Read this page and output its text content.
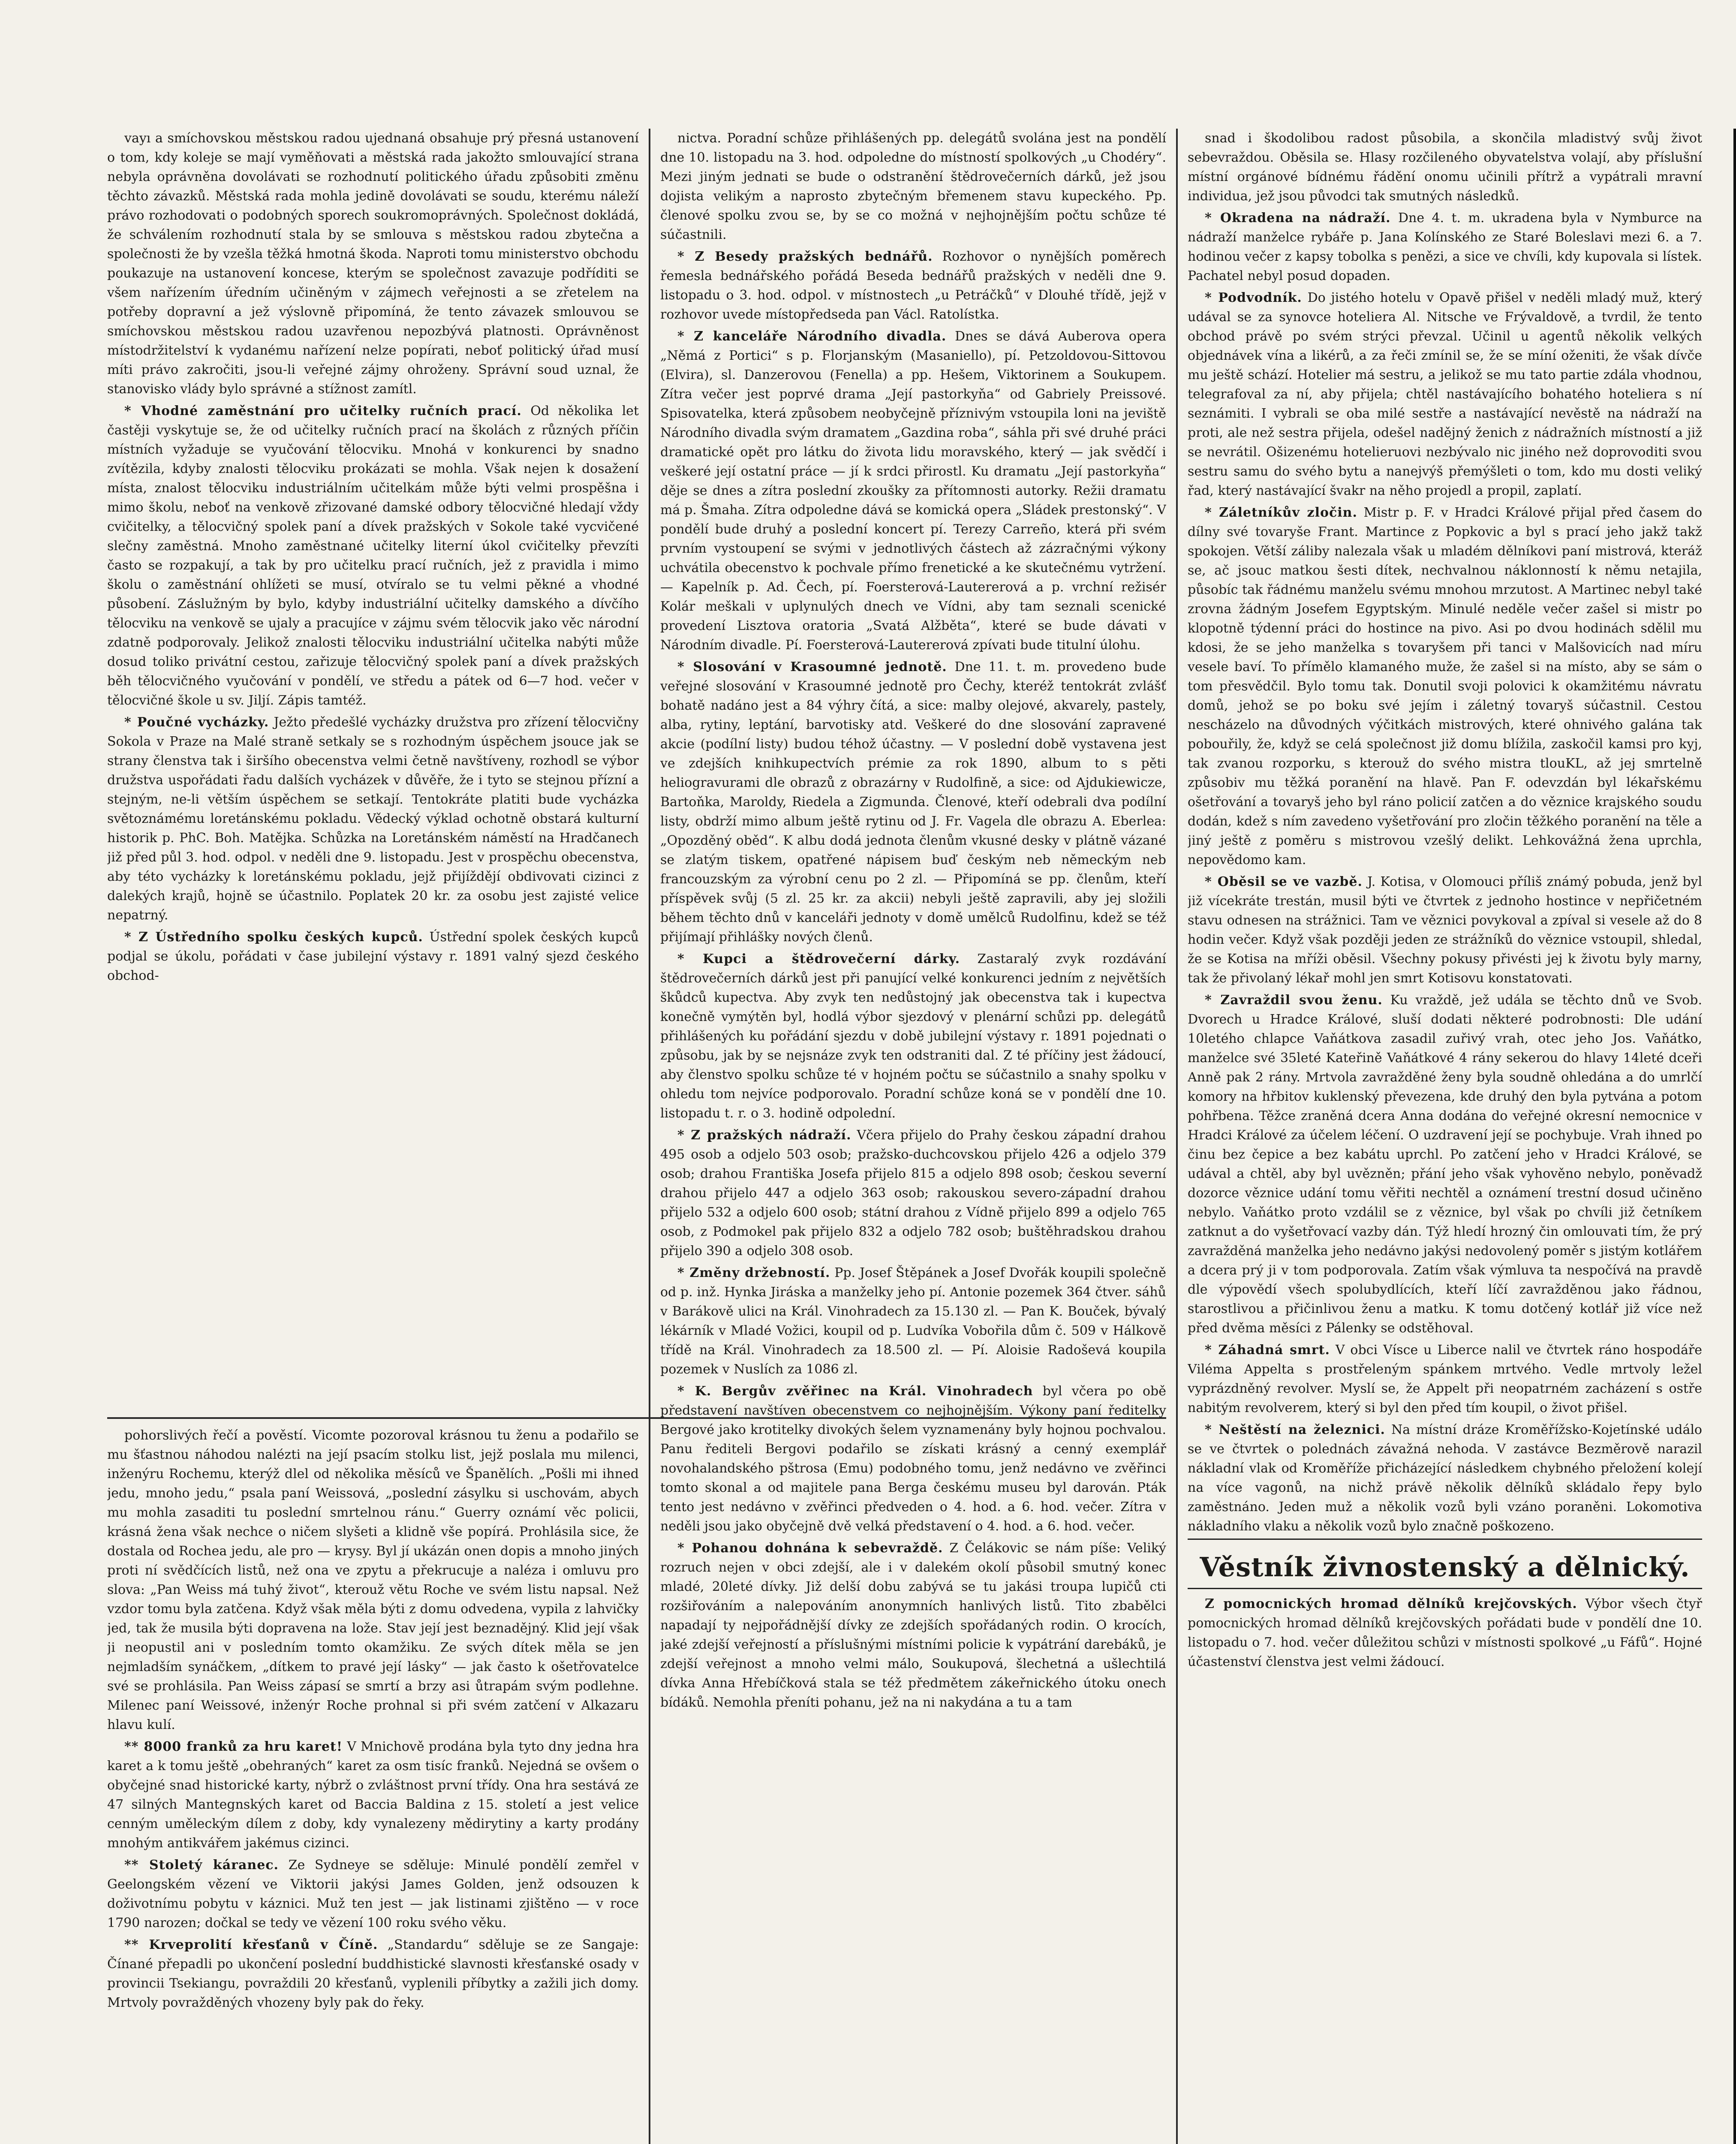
vayı a smíchovskou městskou radou ujednaná obsahuje prý přesná ustanovení o tom, kdy koleje se mají vyměňovati a městská rada jakožto smlouvající strana nebyla oprávněna dovolávati se rozhodnutí politického úřadu způsobiti změnu těchto závazků. Městská rada mohla jedině dovolávati se soudu, kterému náleží právo rozhodovati o podobných sporech soukromoprávných. Společnost dokládá, že schválením rozhodnutí stala by se smlouva s městskou radou zbytečna a společnosti že by vzešla těžká hmotná škoda. Naproti tomu ministerstvo obchodu poukazuje na ustanovení koncese, kterým se společnost zavazuje podříditi se všem nařízením úředním učiněným v zájmech veřejnosti a se zřetelem na potřeby dopravní a jež výslovně připomíná, že tento závazek smlouvou se smíchovskou městskou radou uzavřenou nepozbývá platnosti. Oprávněnost místodržitelství k vydanému nařízení nelze popírati, neboť politický úřad musí míti právo zakročiti, jsou-li veřejné zájmy ohroženy. Správní soud uznal, že stanovisko vlády bylo správné a stížnost zamítl.

* Vhodné zaměstnání pro učitelky ručních prací. Od několika let častěji vyskytuje se, že od učitelky ručních prací na školách z různých příčin místních vyžaduje se vyučování tělocviku. Mnohá v konkurenci by snadno zvítězila, kdyby znalosti tělocviku prokázati se mohla. Však nejen k dosažení místa, znalost tělocviku industriálním učitelkám může býti velmi prospěšna i mimo školu, neboť na venkově zřizované damské odbory tělocvičné hledají vždy cvičitelky, a tělocvičný spolek paní a dívek pražských v Sokole také vycvičené slečny zaměstná. Mnoho zaměstnané učitelky literní úkol cvičitelky převzíti často se rozpakují, a tak by pro učitelku prací ručních, jež z pravidla i mimo školu o zaměstnání ohlížeti se musí, otvíralo se tu velmi pěkné a vhodné působení. Záslužným by bylo, kdyby industriální učitelky damského a dívčího tělocviku na venkově se ujaly a pracujíce v zájmu svém tělocvik jako věc národní zdatně podporovaly. Jelikož znalosti tělocviku industriální učitelka nabýti může dosud toliko privátní cestou, zařizuje tělocvičný spolek paní a dívek pražských běh tělocvičného vyučování v pondělí, ve středu a pátek od 6—7 hod. večer v tělocvičné škole u sv. Jiljí. Zápis tamtéž.

* Poučné vycházky. Ježto předešlé vycházky družstva pro zřízení tělocvičny Sokola v Praze na Malé straně setkaly se s rozhodným úspěchem jsouce jak se strany členstva tak i širšího obecenstva velmi četně navštíveny, rozhodl se výbor družstva uspořádati řadu dalších vycházek v důvěře, že i tyto se stejnou přízní a stejným, ne-li větším úspěchem se setkají. Tentokráte platiti bude vycházka světoznámému loretánskému pokladu. Vědecký výklad ochotně obstará kulturní historik p. PhC. Boh. Matějka. Schůzka na Loretánském náměstí na Hradčanech již před půl 3. hod. odpol. v neděli dne 9. listopadu. Jest v prospěchu obecenstva, aby této vycházky k loretánskému pokladu, jejž přijíždějí obdivovati cizinci z dalekých krajů, hojně se účastnilo. Poplatek 20 kr. za osobu jest zajisté velice nepatrný.

* Z Ústředního spolku českých kupců. Ústřední spolek českých kupců podjal se úkolu, pořádati v čase jubilejní výstavy r. 1891 valný sjezd českého obchod-

pohorslivých řečí a pověstí. Vicomte pozoroval krásnou tu ženu a podařilo se mu šťastnou náhodou nalézti na její psacím stolku list, jejž poslala mu milenci, inženýru Rochemu, kterýž dlel od několika měsíců ve Španělích. „Pošli mi ihned jedu, mnoho jedu,“ psala paní Weissová, „poslední zásylku si uschovám, abych mu mohla zasaditi tu poslední smrtelnou ránu.“ Guerry oznámí věc policii, krásná žena však nechce o ničem slyšeti a klidně vše popírá. Prohlásila sice, že dostala od Rochea jedu, ale pro — krysy. Byl jí ukázán onen dopis a mnoho jiných proti ní svědčících listů, než ona ve zpytu a překrucuje a naléza i omluvu pro slova: „Pan Weiss má tuhý život“, kterouž větu Roche ve svém listu napsal. Než vzdor tomu byla zatčena. Když však měla býti z domu odvedena, vypila z lahvičky jed, tak že musila býti dopravena na lože. Stav její jest beznadějný. Klid její však ji neopustil ani v posledním tomto okamžiku. Ze svých dítek měla se jen nejmladším synáčkem, „dítkem to pravé její lásky“ — jak často k ošetřovatelce své se prohlásila. Pan Weiss zápasí se smrtí a brzy asi ůtrapám svým podlehne. Milenec paní Weissové, inženýr Roche prohnal si při svém zatčení v Alkazaru hlavu kulí.

** 8000 franků za hru karet! V Mnichově prodána byla tyto dny jedna hra karet a k tomu ještě „obehraných“ karet za osm tisíc franků. Nejedná se ovšem o obyčejné snad historické karty, nýbrž o zvláštnost první třídy. Ona hra sestává ze 47 silných Mantegnských karet od Baccia Baldina z 15. století a jest velice cenným uměleckým dílem z doby, kdy vynalezeny mědirytiny a karty prodány mnohým antikvářem jakémus cizinci.

** Stoletý káranec. Ze Sydneye se sděluje: Minulé pondělí zemřel v Geelongském vězení ve Viktorii jakýsi James Golden, jenž odsouzen k doživotnímu pobytu v káznici. Muž ten jest — jak listinami zjištěno — v roce 1790 narozen; dočkal se tedy ve vězení 100 roku svého věku.

** Krveprolití křesťanů v Číně. „Standardu“ sděluje se ze Sangaje: Čínané přepadli po ukončení poslední buddhistické slavnosti křesťanské osady v provincii Tsekiangu, povraždili 20 křesťanů, vyplenili příbytky a zažili jich domy. Mrtvoly povražděných vhozeny byly pak do řeky.

nictva. Poradní schůze přihlášených pp. delegátů svolána jest na pondělí dne 10. listopadu na 3. hod. odpoledne do místností spolkových „u Chodéry“. Mezi jiným jednati se bude o odstranění štědrovečerních dárků, jež jsou dojista velikým a naprosto zbytečným břemenem stavu kupeckého. Pp. členové spolku zvou se, by se co možná v nejhojnějším počtu schůze té súčastnili.

* Z Besedy pražských bednářů. Rozhovor o nynějších poměrech řemesla bednářského pořádá Beseda bednářů pražských v neděli dne 9. listopadu o 3. hod. odpol. v místnostech „u Petráčků“ v Dlouhé třídě, jejž v rozhovor uvede místopředseda pan Václ. Ratolístka.

* Z kanceláře Národního divadla. Dnes se dává Auberova opera „Němá z Portici“ s p. Florjanským (Masaniello), pí. Petzoldovou-Sittovou (Elvira), sl. Danzerovou (Fenella) a pp. Hešem, Viktorinem a Soukupem. Zítra večer jest poprvé drama „Její pastorkyňa“ od Gabriely Preissové. Spisovatelka, která způsobem neobyčejně příznivým vstoupila loni na jeviště Národního divadla svým dramatem „Gazdina roba“, sáhla při své druhé práci dramatické opět pro látku do života lidu moravského, který — jak svědčí i veškeré její ostatní práce — jí k srdci přirostl. Ku dramatu „Její pastorkyňa“ děje se dnes a zítra poslední zkoušky za přítomnosti autorky. Režii dramatu má p. Šmaha. Zítra odpoledne dává se komická opera „Sládek prestonský“. V pondělí bude druhý a poslední koncert pí. Terezy Carreño, která při svém prvním vystoupení se svými v jednotlivých částech až zázračnými výkony uchvátila obecenstvo k pochvale přímo frenetické a ke skutečnému vytržení. — Kapelník p. Ad. Čech, pí. Foersterová-Lautererová a p. vrchní režisér Kolár meškali v uplynulých dnech ve Vídni, aby tam seznali scenické provedení Lisztova oratoria „Svatá Alžběta“, které se bude dávati v Národním divadle. Pí. Foersterová-Lautererová zpívati bude titulní úlohu.

* Slosování v Krasoumné jednotě. Dne 11. t. m. provedeno bude veřejné slosování v Krasoumné jednotě pro Čechy, kteréž tentokrát zvlášť bohatě nadáno jest a 84 výhry čítá, a sice: malby olejové, akvarely, pastely, alba, rytiny, leptání, barvotisky atd. Veškeré do dne slosování zapravené akcie (podílní listy) budou téhož účastny. — V poslední době vystavena jest ve zdejších knihkupectvích prémie za rok 1890, album to s pěti heliogravurami dle obrazů z obrazárny v Rudolfině, a sice: od Ajdukiewicze, Bartoňka, Maroldy, Riedela a Zigmunda. Členové, kteří odebrali dva podílní listy, obdrží mimo album ještě rytinu od J. Fr. Vagela dle obrazu A. Eberlea: „Opozděný oběd“. K albu dodá jednota členům vkusné desky v plátně vázané se zlatým tiskem, opatřené nápisem buď českým neb německým neb francouzským za výrobní cenu po 2 zl. — Připomíná se pp. členům, kteří příspěvek svůj (5 zl. 25 kr. za akcii) nebyli ještě zapravili, aby jej složili během těchto dnů v kanceláři jednoty v domě umělců Rudolfinu, kdež se též přijímají přihlášky nových členů.

* Kupci a štědrovečerní dárky. Zastaralý zvyk rozdávání štědrovečerních dárků jest při panující velké konkurenci jedním z největších škůdců kupectva. Aby zvyk ten nedůstojný jak obecenstva tak i kupectva konečně vymýtěn byl, hodlá výbor sjezdový v plenární schůzi pp. delegátů přihlášených ku pořádání sjezdu v době jubilejní výstavy r. 1891 pojednati o způsobu, jak by se nejsnáze zvyk ten odstraniti dal. Z té příčiny jest žádoucí, aby členstvo spolku schůze té v hojném počtu se súčastnilo a snahy spolku v ohledu tom nejvíce podporovalo. Poradní schůze koná se v pondělí dne 10. listopadu t. r. o 3. hodině odpolední.

* Z pražských nádraží. Včera přijelo do Prahy českou západní drahou 495 osob a odjelo 503 osob; pražsko-duchcovskou přijelo 426 a odjelo 379 osob; drahou Františka Josefa přijelo 815 a odjelo 898 osob; českou severní drahou přijelo 447 a odjelo 363 osob; rakouskou severo-západní drahou přijelo 532 a odjelo 600 osob; státní drahou z Vídně přijelo 899 a odjelo 765 osob, z Podmokel pak přijelo 832 a odjelo 782 osob; buštěhradskou drahou přijelo 390 a odjelo 308 osob.

* Změny držebností. Pp. Josef Štěpánek a Josef Dvořák koupili společně od p. inž. Hynka Jiráska a manželky jeho pí. Antonie pozemek 364 čtver. sáhů v Barákově ulici na Král. Vinohradech za 15.130 zl. — Pan K. Bouček, bývalý lékárník v Mladé Vožici, koupil od p. Ludvíka Vobořila dům č. 509 v Hálkově třídě na Král. Vinohradech za 18.500 zl. — Pí. Aloisie Radoševá koupila pozemek v Nuslích za 1086 zl.

* K. Bergův zvěřinec na Král. Vinohradech byl včera po obě představení navštíven obecenstvem co nejhojnějším. Výkony paní ředitelky Bergové jako krotitelky divokých šelem vyznamenány byly hojnou pochvalou. Panu řediteli Bergovi podařilo se získati krásný a cenný exemplář novohalandského pštrosa (Emu) podobného tomu, jenž nedávno ve zvěřinci tomto skonal a od majitele pana Berga českému museu byl darován. Pták tento jest nedávno v zvěřinci předveden o 4. hod. a 6. hod. večer. Zítra v neděli jsou jako obyčejně dvě velká představení o 4. hod. a 6. hod. večer.

* Pohanou dohnána k sebevraždě. Z Čelákovic se nám píše: Veliký rozruch nejen v obci zdejší, ale i v dalekém okolí působil smutný konec mladé, 20leté dívky. Již delší dobu zabývá se tu jakási troupa lupičů cti rozšiřováním a nalepováním anonymních hanlivých listů. Tito zbabělci napadají ty nejpořádnější dívky ze zdejších spořádaných rodin. O krocích, jaké zdejší veřejností a příslušnými místními policie k vypátrání darebáků, je zdejší veřejnost a mnoho velmi málo, Soukupová, šlechetná a ušlechtilá dívka Anna Hřebíčková stala se též předmětem zákeřnického útoku onech bídáků. Nemohla přeníti pohanu, jež na ni nakydána a tu a tam

snad i škodolibou radost působila, a skončila mladistvý svůj život sebevraždou. Oběsila se. Hlasy rozčileného obyvatelstva volají, aby příslušní místní orgánové bídnému řádění onomu učinili přítrž a vypátrali mravní individua, jež jsou původci tak smutných následků.

* Okradena na nádraží. Dne 4. t. m. ukradena byla v Nymburce na nádraží manželce rybáře p. Jana Kolínského ze Staré Boleslavi mezi 6. a 7. hodinou večer z kapsy tobolka s penězi, a sice ve chvíli, kdy kupovala si lístek. Pachatel nebyl posud dopaden.

* Podvodník. Do jistého hotelu v Opavě přišel v neděli mladý muž, který udával se za synovce hoteliera Al. Nitsche ve Frývaldově, a tvrdil, že tento obchod právě po svém strýci převzal. Učinil u agentů několik velkých objednávek vína a likérů, a za řeči zmínil se, že se míní oženiti, že však dívče mu ještě schází. Hotelier má sestru, a jelikož se mu tato partie zdála vhodnou, telegrafoval za ní, aby přijela; chtěl nastávajícího bohatého hoteliera s ní seznámiti. I vybrali se oba milé sestře a nastávající nevěstě na nádraží na proti, ale než sestra přijela, odešel nadějný ženich z nádražních místností a již se nevrátil. Ošizenému hotelieruovi nezbývalo nic jiného než doprovoditi svou sestru samu do svého bytu a nanejvýš přemýšleti o tom, kdo mu dosti veliký řad, který nastávající švakr na něho projedl a propil, zaplatí.

* Záletníkův zločin. Mistr p. F. v Hradci Králové přijal před časem do dílny své tovaryše Frant. Martince z Popkovic a byl s prací jeho jakž takž spokojen. Větší záliby nalezala však u mladém dělníkovi paní mistrová, kteráž se, ač jsouc matkou šesti dítek, nechvalnou náklonností k němu netajila, působíc tak řádnému manželu svému mnohou mrzutost. A Martinec nebyl také zrovna žádným Josefem Egyptským. Minulé neděle večer zašel si mistr po klopotně týdenní práci do hostince na pivo. Asi po dvou hodinách sdělil mu kdosi, že se jeho manželka s tovaryšem při tanci v Malšovicích nad míru vesele baví. To přímělo klamaného muže, že zašel si na místo, aby se sám o tom přesvědčil. Bylo tomu tak. Donutil svoji polovici k okamžitému návratu domů, jehož se po boku své jejím i záletný tovaryš súčastnil. Cestou nescházelo na důvodných výčitkách mistrových, které ohnivého galána tak pobouřily, že, když se celá společnost již domu blížila, zaskočil kamsi pro kyj, tak zvanou rozporku, s kterouž do svého mistra tlouKL, až jej smrtelně způsobiv mu těžká poranění na hlavě. Pan F. odevzdán byl lékařskému ošetřování a tovaryš jeho byl ráno policií zatčen a do věznice krajského soudu dodán, kdež s ním zavedeno vyšetřování pro zločin těžkého poranění na těle a jiný ještě z poměru s mistrovou vzešlý delikt. Lehkovážná žena uprchla, nepovědomo kam.

* Oběsil se ve vazbě. J. Kotisa, v Olomouci příliš známý pobuda, jenž byl již vícekráte trestán, musil býti ve čtvrtek z jednoho hostince v nepřičetném stavu odnesen na strážnici. Tam ve věznici povykoval a zpíval si vesele až do 8 hodin večer. Když však později jeden ze strážníků do věznice vstoupil, shledal, že se Kotisa na mříži oběsil. Všechny pokusy přivésti jej k životu byly marny, tak že přivolaný lékař mohl jen smrt Kotisovu konstatovati.

* Zavraždil svou ženu. Ku vraždě, jež udála se těchto dnů ve Svob. Dvorech u Hradce Králové, sluší dodati některé podrobnosti: Dle udání 10letého chlapce Vaňátkova zasadil zuřivý vrah, otec jeho Jos. Vaňátko, manželce své 35leté Kateřině Vaňátkové 4 rány sekerou do hlavy 14leté dceři Anně pak 2 rány. Mrtvola zavražděné ženy byla soudně ohledána a do umrlčí komory na hřbitov kuklenský převezena, kde druhý den byla pytvána a potom pohřbena. Těžce zraněná dcera Anna dodána do veřejné okresní nemocnice v Hradci Králové za účelem léčení. O uzdravení její se pochybuje. Vrah ihned po činu bez čepice a bez kabátu uprchl. Po zatčení jeho v Hradci Králové, se udával a chtěl, aby byl uvězněn; přání jeho však vyhověno nebylo, poněvadž dozorce věznice udání tomu věřiti nechtěl a oznámení trestní dosud učiněno nebylo. Vaňátko proto vzdálil se z věznice, byl však po chvíli již četníkem zatknut a do vyšetřovací vazby dán. Týž hledí hrozný čin omlouvati tím, že prý zavražděná manželka jeho nedávno jakýsi nedovolený poměr s jistým kotlářem a dcera prý ji v tom podporovala. Zatím však výmluva ta nespočívá na pravdě dle výpovědí všech spolubydlících, kteří líčí zavražděnou jako řádnou, starostlivou a přičinlivou ženu a matku. K tomu dotčený kotlář již více než před dvěma měsíci z Pálenky se odstěhoval.

* Záhadná smrt. V obci Vísce u Liberce nalil ve čtvrtek ráno hospodáře Viléma Appelta s prostřeleným spánkem mrtvého. Vedle mrtvoly ležel vyprázdněný revolver. Myslí se, že Appelt při neopatrném zacházení s ostře nabitým revolverem, který si byl den před tím koupil, o život přišel.

* Neštěstí na železnici. Na místní dráze Kroměřížsko-Kojetínské událo se ve čtvrtek o polednách závažná nehoda. V zastávce Bezměrově narazil nákladní vlak od Kroměříže přicházející následkem chybného přeložení kolejí na více vagonů, na nichž právě několik dělníků skládalo řepy bylo zaměstnáno. Jeden muž a několik vozů byli vzáno poraněni. Lokomotiva nákladního vlaku a několik vozů bylo značně poškozeno.

Věstník živnostenský a dělnický.

Z pomocnických hromad dělníků krejčovských. Výbor všech čtyř pomocnických hromad dělníků krejčovských pořádati bude v pondělí dne 10. listopadu o 7. hod. večer důležitou schůzi v místnosti spolkové „u Fáfů“. Hojné účastenství členstva jest velmi žádoucí.
